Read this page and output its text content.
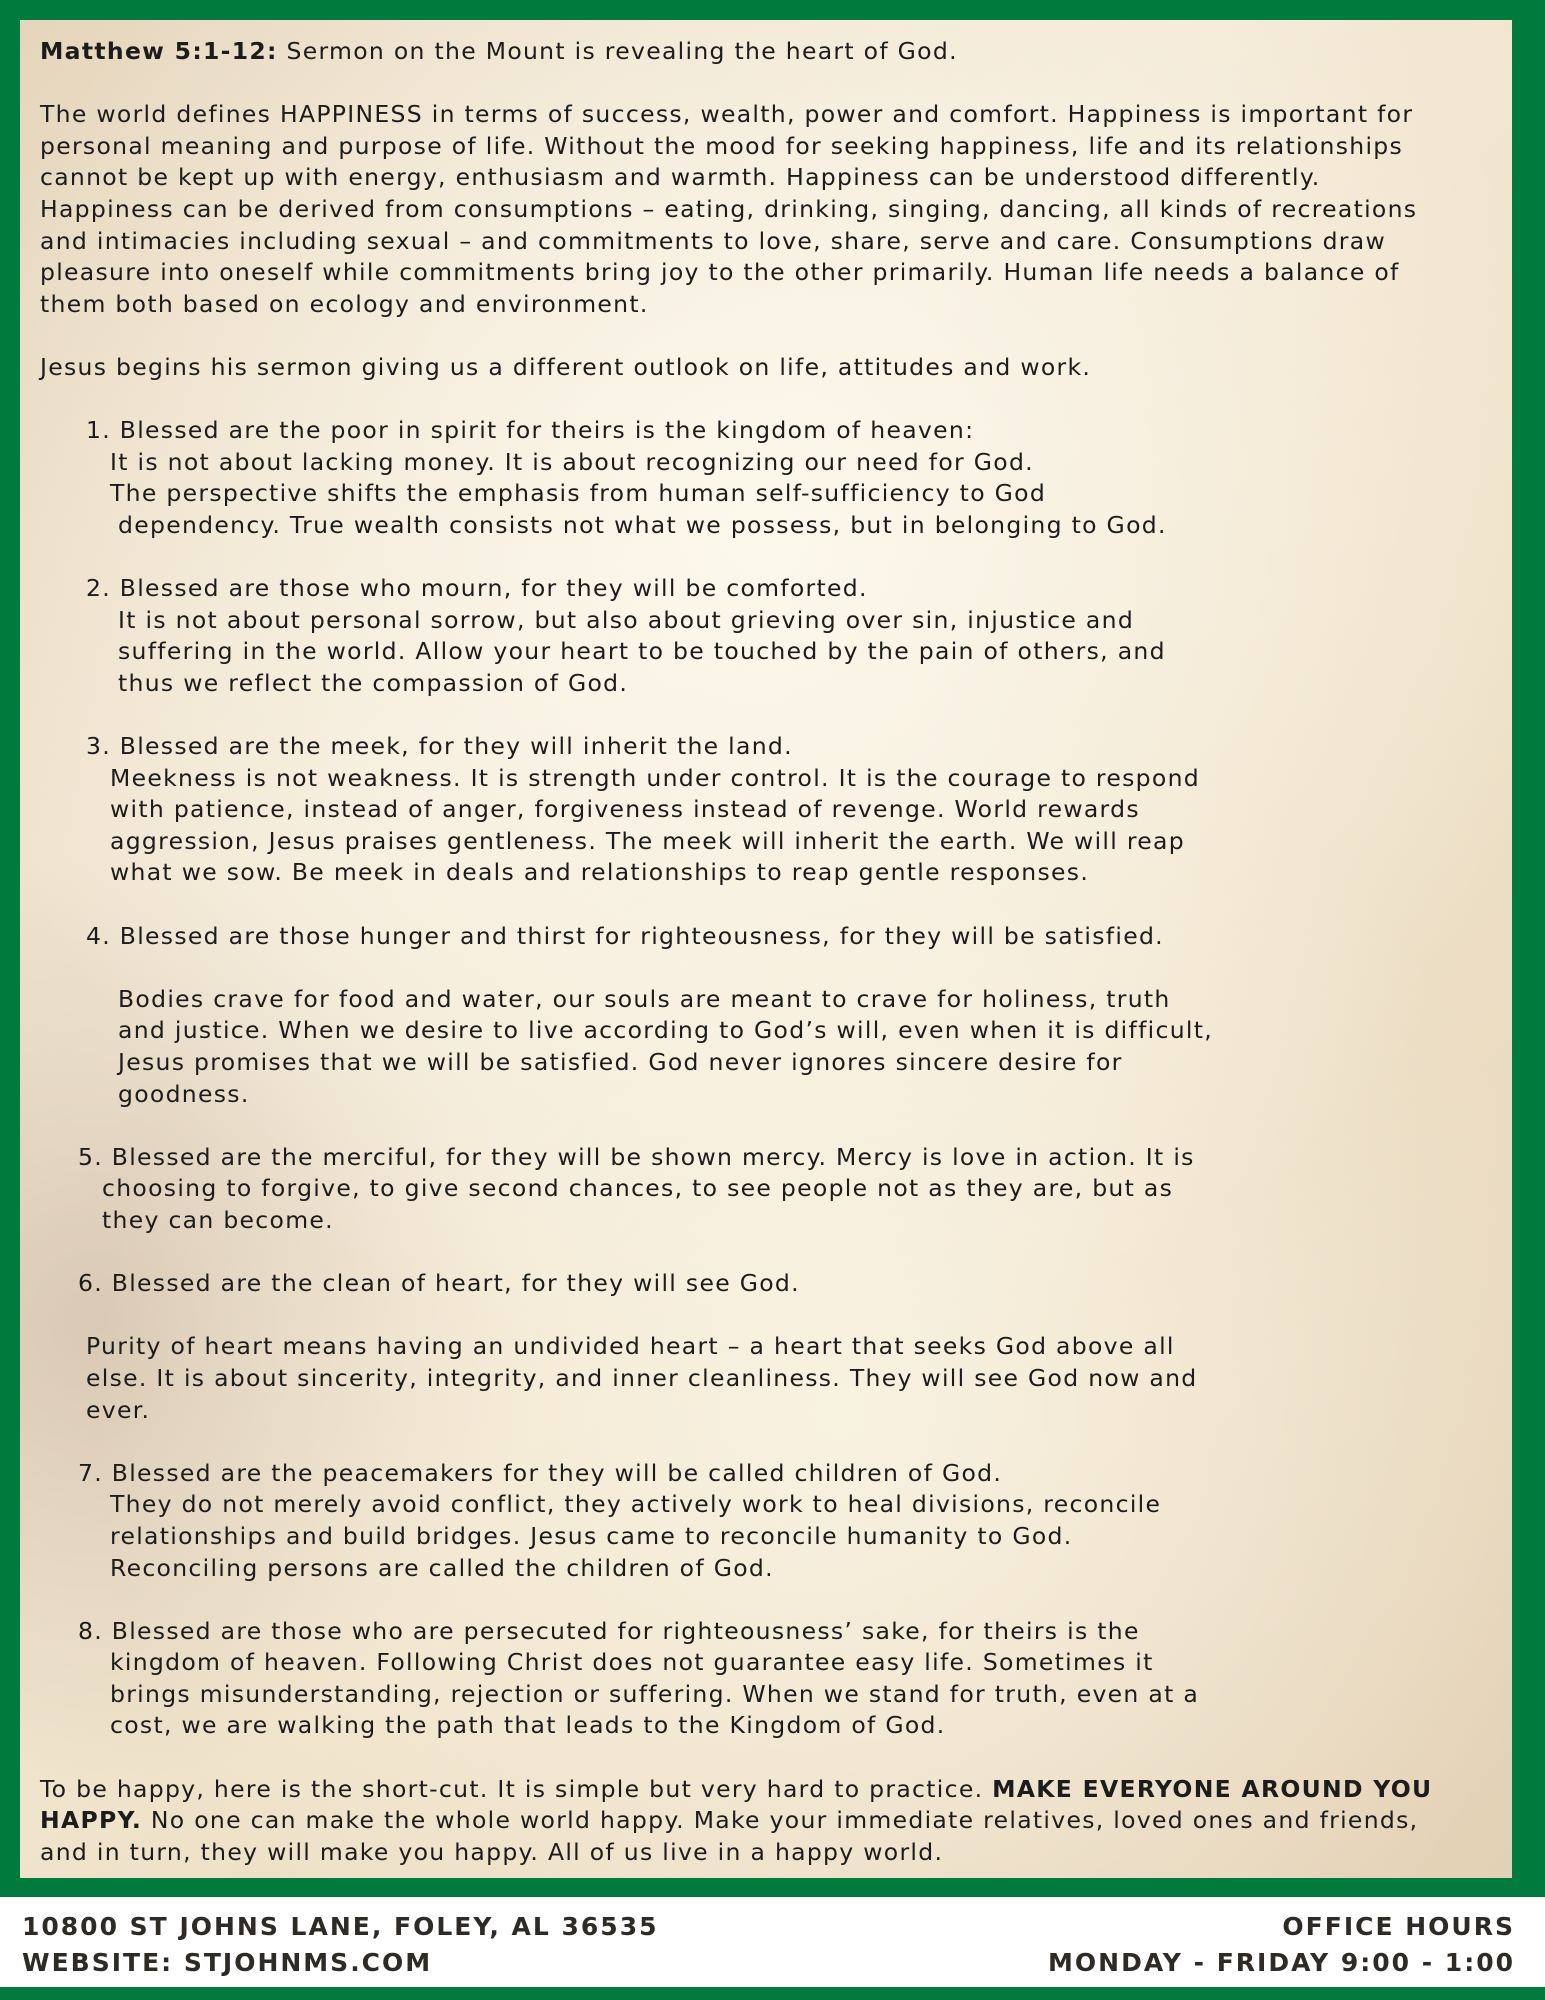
Matthew 5:1-12: Sermon on the Mount is revealing the heart of God.
The world defines HAPPINESS in terms of success, wealth, power and comfort. Happiness is important for
personal meaning and purpose of life. Without the mood for seeking happiness, life and its relationships
cannot be kept up with energy, enthusiasm and warmth. Happiness can be understood differently.
Happiness can be derived from consumptions – eating, drinking, singing, dancing, all kinds of recreations
and intimacies including sexual – and commitments to love, share, serve and care. Consumptions draw
pleasure into oneself while commitments bring joy to the other primarily. Human life needs a balance of
them both based on ecology and environment.
Jesus begins his sermon giving us a different outlook on life, attitudes and work.
1. Blessed are the poor in spirit for theirs is the kingdom of heaven:
It is not about lacking money. It is about recognizing our need for God.
The perspective shifts the emphasis from human self-sufficiency to God
dependency. True wealth consists not what we possess, but in belonging to God.
2. Blessed are those who mourn, for they will be comforted.
It is not about personal sorrow, but also about grieving over sin, injustice and
suffering in the world. Allow your heart to be touched by the pain of others, and
thus we reflect the compassion of God.
3. Blessed are the meek, for they will inherit the land.
Meekness is not weakness. It is strength under control. It is the courage to respond
with patience, instead of anger, forgiveness instead of revenge. World rewards
aggression, Jesus praises gentleness. The meek will inherit the earth. We will reap
what we sow. Be meek in deals and relationships to reap gentle responses.
4. Blessed are those hunger and thirst for righteousness, for they will be satisfied.
Bodies crave for food and water, our souls are meant to crave for holiness, truth
and justice. When we desire to live according to God’s will, even when it is difficult,
Jesus promises that we will be satisfied. God never ignores sincere desire for
goodness.
5. Blessed are the merciful, for they will be shown mercy. Mercy is love in action. It is
choosing to forgive, to give second chances, to see people not as they are, but as
they can become.
6. Blessed are the clean of heart, for they will see God.
Purity of heart means having an undivided heart – a heart that seeks God above all
else. It is about sincerity, integrity, and inner cleanliness. They will see God now and
ever.
7. Blessed are the peacemakers for they will be called children of God.
They do not merely avoid conflict, they actively work to heal divisions, reconcile
relationships and build bridges. Jesus came to reconcile humanity to God.
Reconciling persons are called the children of God.
8. Blessed are those who are persecuted for righteousness’ sake, for theirs is the
kingdom of heaven. Following Christ does not guarantee easy life. Sometimes it
brings misunderstanding, rejection or suffering. When we stand for truth, even at a
cost, we are walking the path that leads to the Kingdom of God.
To be happy, here is the short-cut. It is simple but very hard to practice. MAKE EVERYONE AROUND YOU
HAPPY. No one can make the whole world happy. Make your immediate relatives, loved ones and friends,
and in turn, they will make you happy. All of us live in a happy world.
10800 ST JOHNS LANE, FOLEY, AL 36535
WEBSITE: STJOHNMS.COM
OFFICE HOURS
MONDAY - FRIDAY 9:00 - 1:00
